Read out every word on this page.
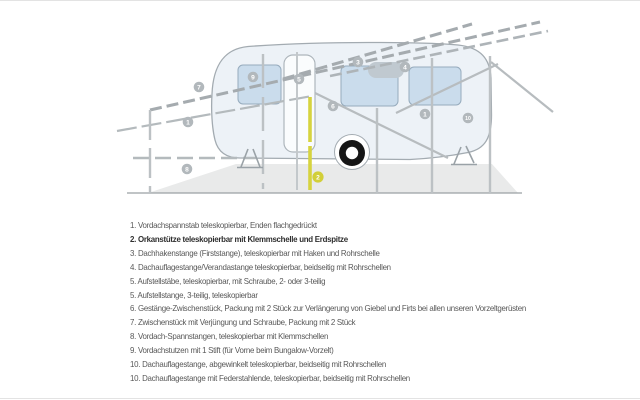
7
1
8
9	5
3
6
4
1
10
2
1. Vordachspannstab teleskopierbar, Enden flachgedrückt
2. Orkanstütze teleskopierbar mit Klemmschelle und Erdspitze
3. Dachhakenstange (Firststange), teleskopierbar mit Haken und Rohrschelle
4. Dachauflagestange/Verandastange teleskopierbar, beidseitig mit Rohrschellen
5. Aufstellstäbe, teleskopierbar, mit Schraube, 2- oder 3-teilig
5. Aufstellstange, 3-teilig, teleskopierbar
6. Gestänge-Zwischenstück, Packung mit 2 Stück zur Verlängerung von Giebel und Firts bei allen unseren Vorzeltgerüsten
7. Zwischenstück mit Verjüngung und Schraube, Packung mit 2 Stück
8. Vordach-Spannstangen, teleskopierbar mit Klemmschellen
9. Vordachstutzen mit 1 Stift (für Vorne beim Bungalow-Vorzelt)
10. Dachauflagestange, abgewinkelt teleskopierbar, beidseitig mit Rohrschellen
10. Dachauflagestange mit Federstahlende, teleskopierbar, beidseitig mit Rohrschellen
